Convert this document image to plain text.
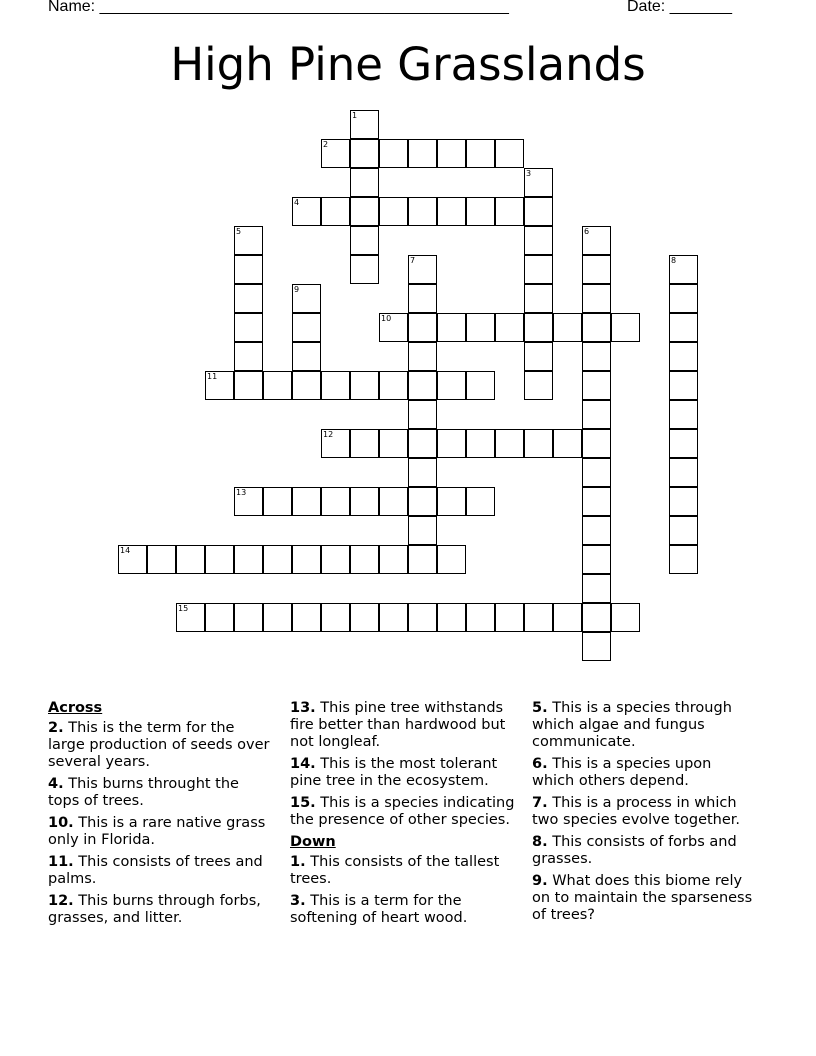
Name: ______________________________________________	Date: _______
High Pine Grasslands
1
2
3
4
5	6
7	8
9
10
11
12
13
14
15
Across
2. This is the term for the large production of seeds over several years.
4. This burns throught the tops of trees.
10. This is a rare native grass only in Florida.
11. This consists of trees and palms.
12. This burns through forbs, grasses, and litter.
13. This pine tree withstands fire better than hardwood but not longleaf.
14. This is the most tolerant pine tree in the ecosystem.
15. This is a species indicating the presence of other species.
Down
1. This consists of the tallest trees.
3. This is a term for the softening of heart wood.
5. This is a species through which algae and fungus communicate.
6. This is a species upon which others depend.
7. This is a process in which two species evolve together.
8. This consists of forbs and grasses.
9. What does this biome rely on to maintain the sparseness of trees?
